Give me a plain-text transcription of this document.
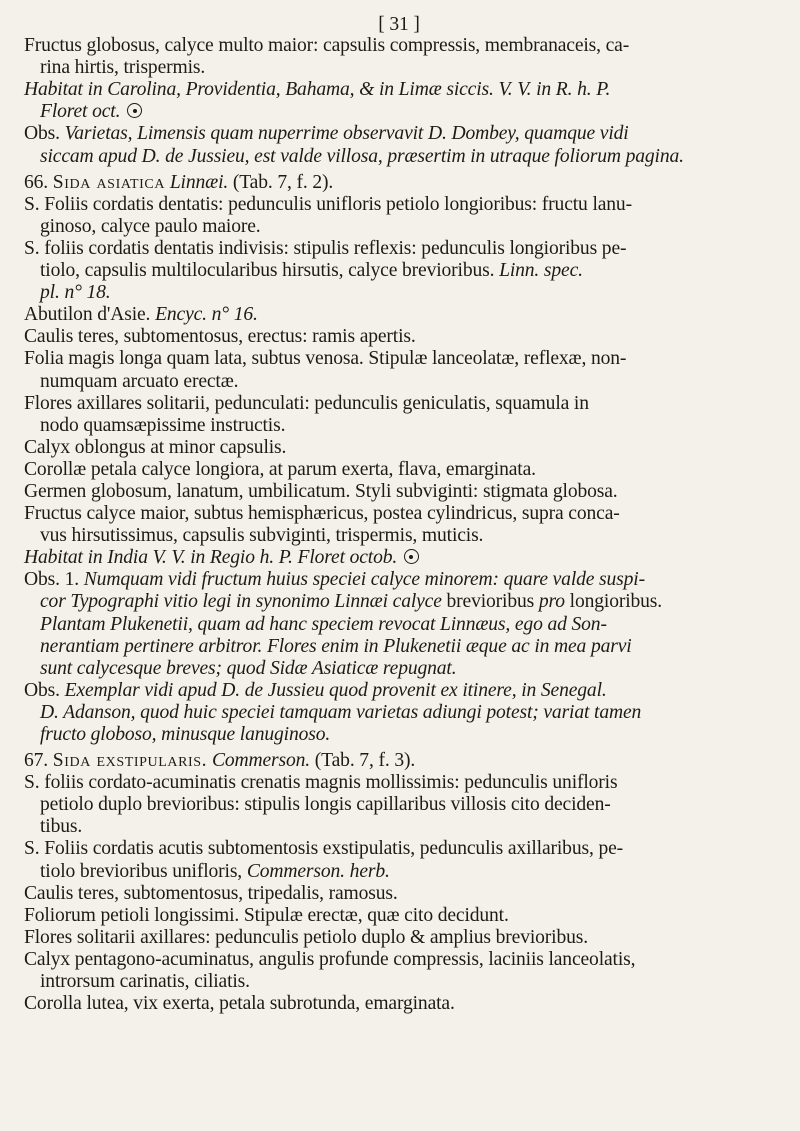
[ 31 ]
Fructus globosus, calyce multo maior: capsulis compressis, membranaceis, ca-
rina hirtis, trispermis.
Habitat in Carolina, Providentia, Bahama, & in Limæ siccis. V. V. in R. h. P.
Floret oct.
Obs. Varietas, Limensis quam nuperrime observavit D. Dombey, quamque vidi
siccam apud D. de Jussieu, est valde villosa, præsertim in utraque foliorum pagina.
66. Sida asiatica Linnæi. (Tab. 7, f. 2).
S. Foliis cordatis dentatis: pedunculis unifloris petiolo longioribus: fructu lanu-
ginoso, calyce paulo maiore.
S. foliis cordatis dentatis indivisis: stipulis reflexis: pedunculis longioribus pe-
tiolo, capsulis multilocularibus hirsutis, calyce brevioribus. Linn. spec.
pl. n° 18.
Abutilon d'Asie. Encyc. n° 16.
Caulis teres, subtomentosus, erectus: ramis apertis.
Folia magis longa quam lata, subtus venosa. Stipulæ lanceolatæ, reflexæ, non-
numquam arcuato erectæ.
Flores axillares solitarii, pedunculati: pedunculis geniculatis, squamula in
nodo quamsæpissime instructis.
Calyx oblongus at minor capsulis.
Corollæ petala calyce longiora, at parum exerta, flava, emarginata.
Germen globosum, lanatum, umbilicatum. Styli subviginti: stigmata globosa.
Fructus calyce maior, subtus hemisphæricus, postea cylindricus, supra conca-
vus hirsutissimus, capsulis subviginti, trispermis, muticis.
Habitat in India V. V. in Regio h. P. Floret octob.
Obs. 1. Numquam vidi fructum huius speciei calyce minorem: quare valde suspi-
cor Typographi vitio legi in synonimo Linnæi calyce brevioribus pro longioribus.
Plantam Plukenetii, quam ad hanc speciem revocat Linnæus, ego ad Son-
nerantiam pertinere arbitror. Flores enim in Plukenetii æque ac in mea parvi
sunt calycesque breves; quod Sidæ Asiaticæ repugnat.
Obs. Exemplar vidi apud D. de Jussieu quod provenit ex itinere, in Senegal.
D. Adanson, quod huic speciei tamquam varietas adiungi potest; variat tamen
fructo globoso, minusque lanuginoso.
67. Sida exstipularis. Commerson. (Tab. 7, f. 3).
S. foliis cordato-acuminatis crenatis magnis mollissimis: pedunculis unifloris
petiolo duplo brevioribus: stipulis longis capillaribus villosis cito deciden-
tibus.
S. Foliis cordatis acutis subtomentosis exstipulatis, pedunculis axillaribus, pe-
tiolo brevioribus unifloris, Commerson. herb.
Caulis teres, subtomentosus, tripedalis, ramosus.
Foliorum petioli longissimi. Stipulæ erectæ, quæ cito decidunt.
Flores solitarii axillares: pedunculis petiolo duplo & amplius brevioribus.
Calyx pentagono-acuminatus, angulis profunde compressis, laciniis lanceolatis,
introrsum carinatis, ciliatis.
Corolla lutea, vix exerta, petala subrotunda, emarginata.
